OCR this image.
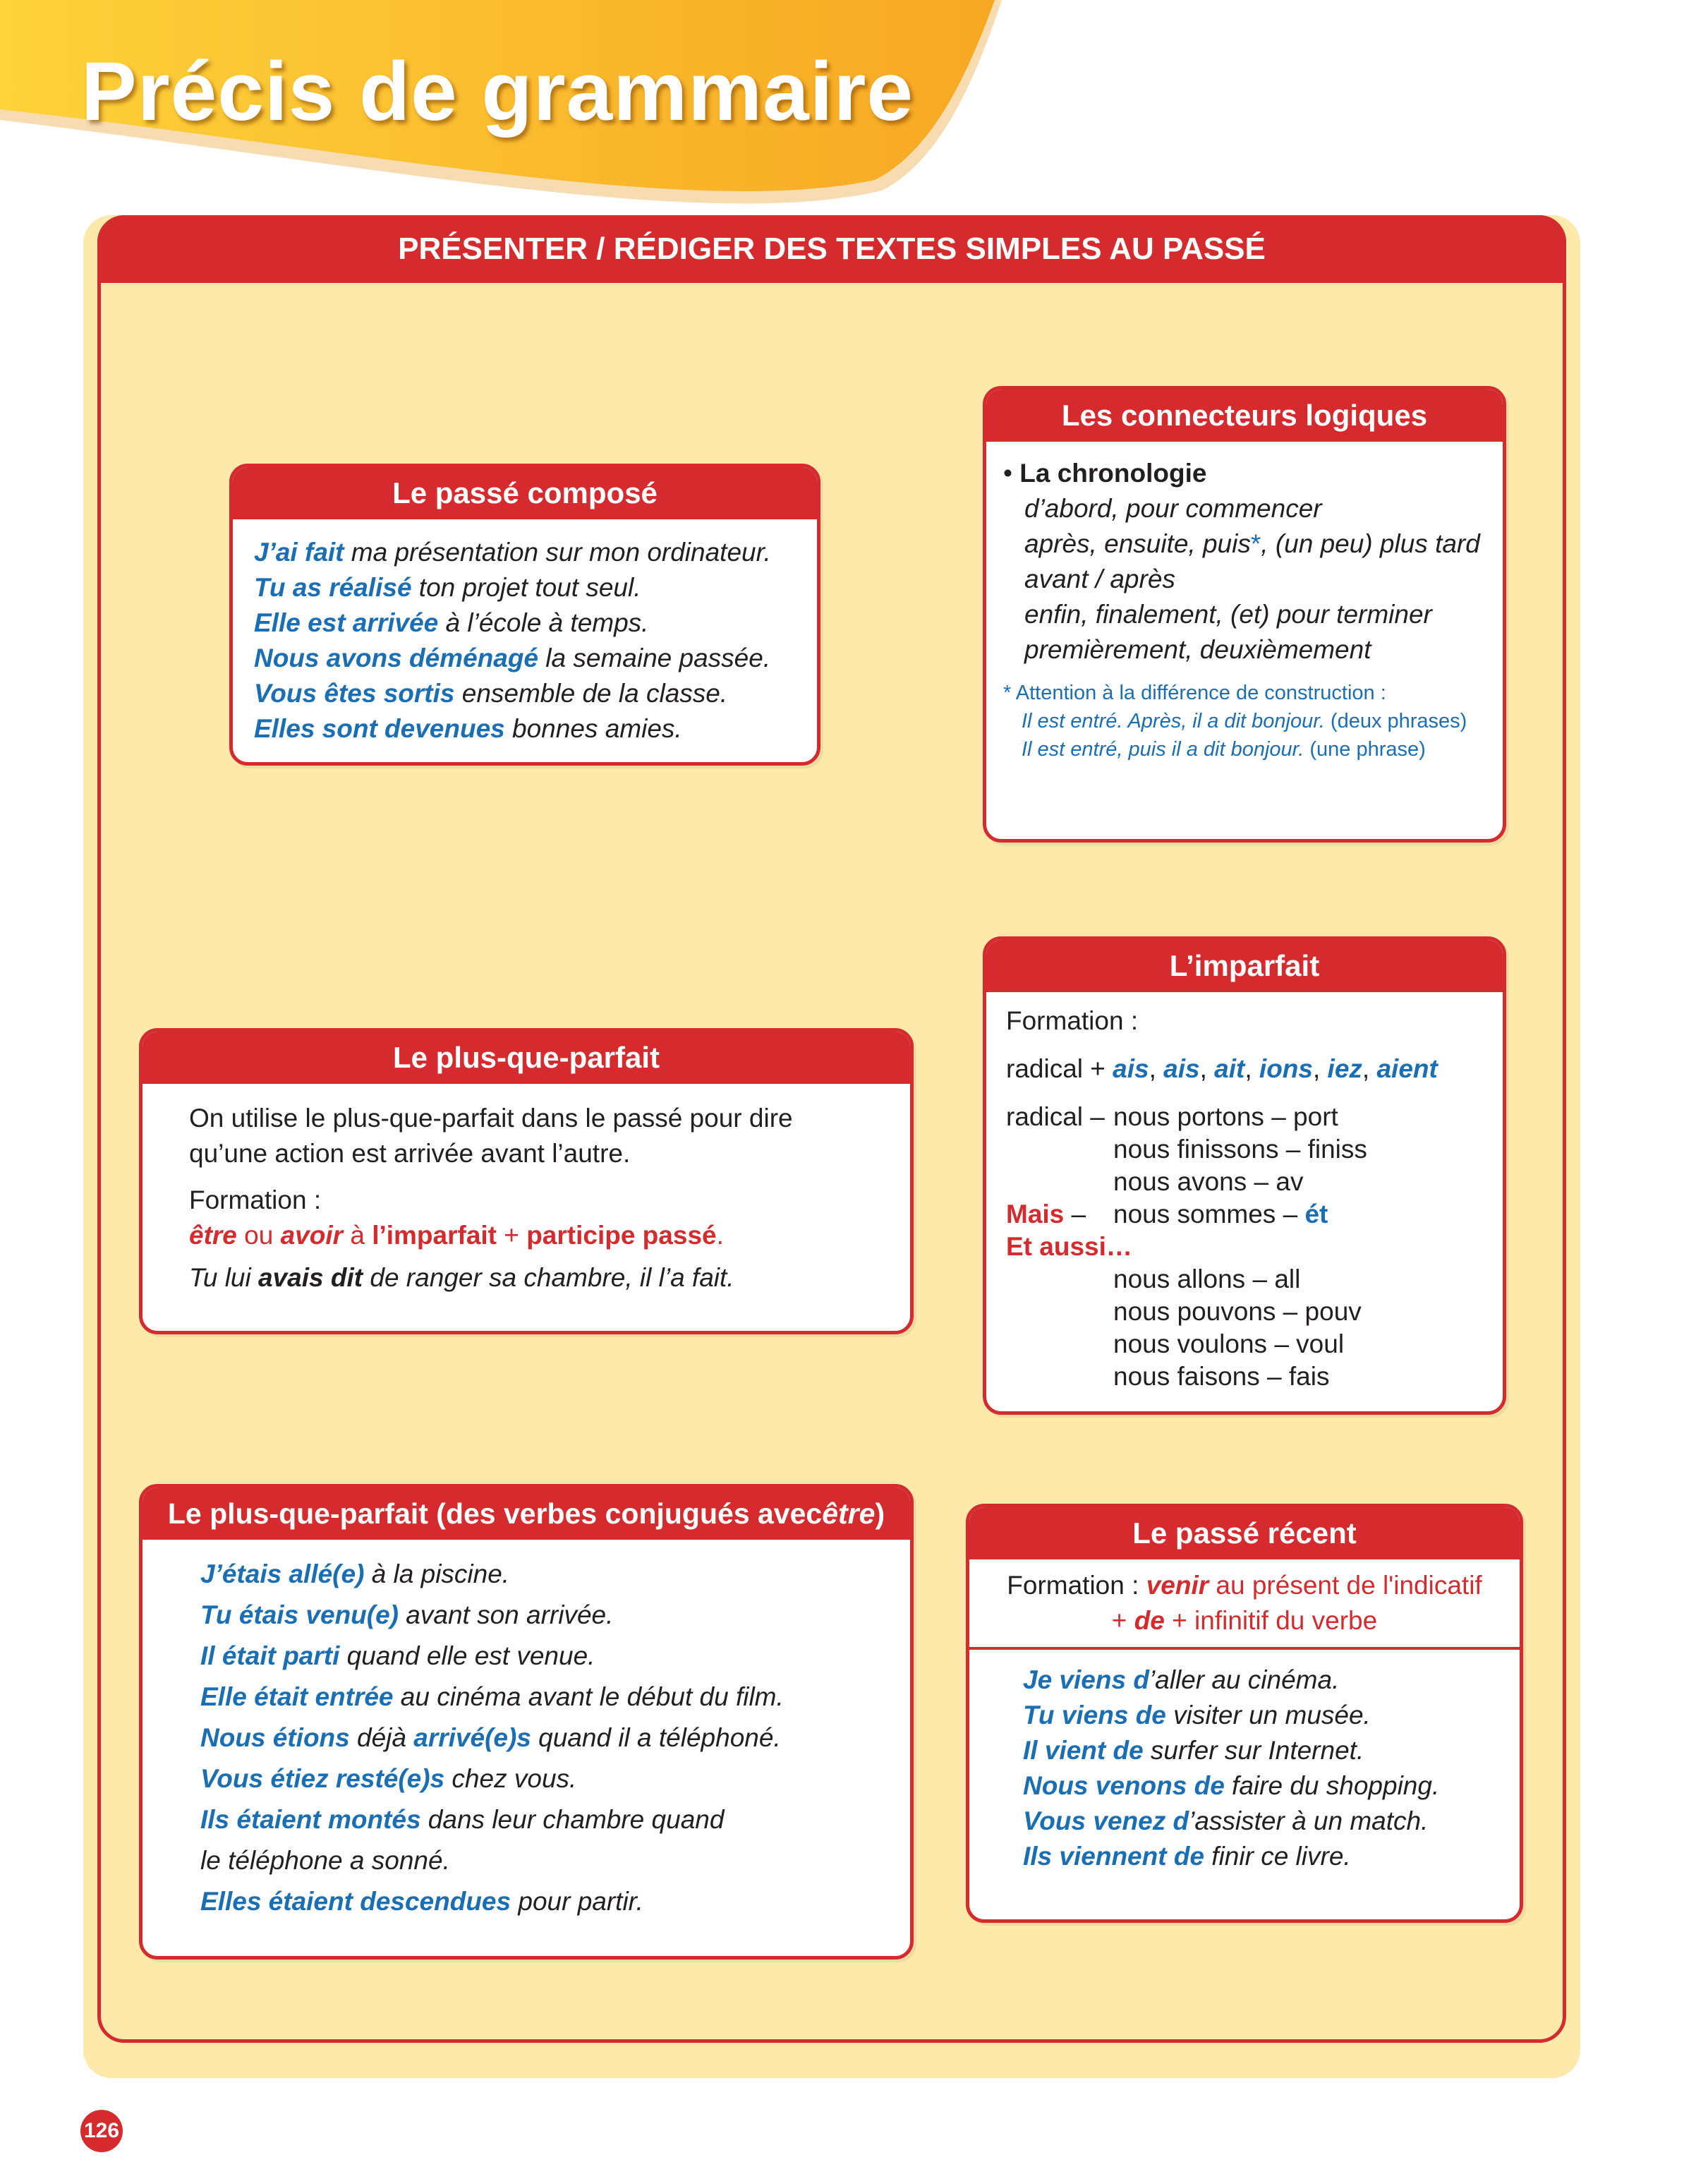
Précis de grammaire
PRÉSENTER / RÉDIGER DES TEXTES SIMPLES AU PASSÉ
Le passé composé
J’ai fait ma présentation sur mon ordinateur.
Tu as réalisé ton projet tout seul.
Elle est arrivée à l’école à temps.
Nous avons déménagé la semaine passée.
Vous êtes sortis ensemble de la classe.
Elles sont devenues bonnes amies.
Les connecteurs logiques
• La chronologie
d’abord, pour commencer
après, ensuite, puis*, (un peu) plus tard
avant / après
enfin, finalement, (et) pour terminer
premièrement, deuxièmement
* Attention à la différence de construction :
Il est entré. Après, il a dit bonjour. (deux phrases)
Il est entré, puis il a dit bonjour. (une phrase)
L’imparfait
Formation :
radical + ais, ais, ait, ions, iez, aient
radical –nous portons – port
nous finissons – finiss
nous avons – av
Mais –nous sommes – ét
Et aussi…
nous allons – all
nous pouvons – pouv
nous voulons – voul
nous faisons – fais
Le plus-que-parfait
On utilise le plus-que-parfait dans le passé pour dire
qu’une action est arrivée avant l’autre.
Formation :
être ou avoir à l’imparfait + participe passé.
Tu lui avais dit de ranger sa chambre, il l’a fait.
Le plus-que-parfait (des verbes conjugués avec être )
J’étais allé(e) à la piscine.
Tu étais venu(e) avant son arrivée.
Il était parti quand elle est venue.
Elle était entrée au cinéma avant le début du film.
Nous étions déjà arrivé(e)s quand il a téléphoné.
Vous étiez resté(e)s chez vous.
Ils étaient montés dans leur chambre quand
le téléphone a sonné.
Elles étaient descendues pour partir.
Le passé récent
Formation : venir au présent de l'indicatif
+ de + infinitif du verbe
Je viens d’aller au cinéma.
Tu viens de visiter un musée.
Il vient de surfer sur Internet.
Nous venons de faire du shopping.
Vous venez d’assister à un match.
Ils viennent de finir ce livre.
126
